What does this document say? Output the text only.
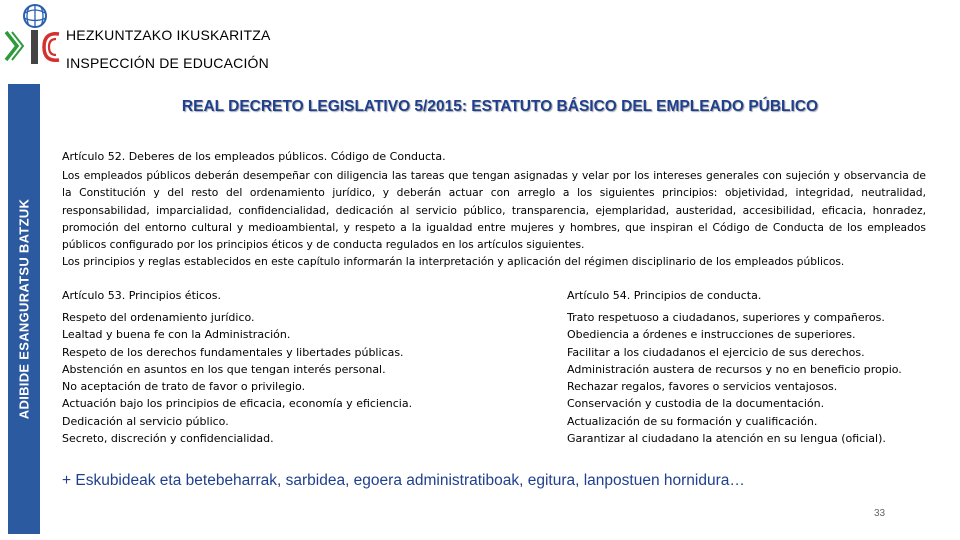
HEZKUNTZAKO IKUSKARITZA
INSPECCIÓN DE EDUCACIÓN
ADIBIDE ESANGURATSU BATZUK
REAL DECRETO LEGISLATIVO 5/2015: ESTATUTO BÁSICO DEL EMPLEADO PÚBLICO
Artículo 52. Deberes de los empleados públicos. Código de Conducta.

Los empleados públicos deberán desempeñar con diligencia las tareas que tengan asignadas y velar por los intereses generales con sujeción y observancia de la Constitución y del resto del ordenamiento jurídico, y deberán actuar con arreglo a los siguientes principios: objetividad, integridad, neutralidad, responsabilidad, imparcialidad, confidencialidad, dedicación al servicio público, transparencia, ejemplaridad, austeridad, accesibilidad, eficacia, honradez, promoción del entorno cultural y medioambiental, y respeto a la igualdad entre mujeres y hombres, que inspiran el Código de Conducta de los empleados públicos configurado por los principios éticos y de conducta regulados en los artículos siguientes.

Los principios y reglas establecidos en este capítulo informarán la interpretación y aplicación del régimen disciplinario de los empleados públicos.

Artículo 53. Principios éticos.
Respeto del ordenamiento jurídico.
Lealtad y buena fe con la Administración.
Respeto de los derechos fundamentales y libertades públicas.
Abstención en asuntos en los que tengan interés personal.
No aceptación de trato de favor o privilegio.
Actuación bajo los principios de eficacia, economía y eficiencia.
Dedicación al servicio público.
Secreto, discreción y confidencialidad.
Artículo 54. Principios de conducta.
Trato respetuoso a ciudadanos, superiores y compañeros.
Obediencia a órdenes e instrucciones de superiores.
Facilitar a los ciudadanos el ejercicio de sus derechos.
Administración austera de recursos y no en beneficio propio.
Rechazar regalos, favores o servicios ventajosos.
Conservación y custodia de la documentación.
Actualización de su formación y cualificación.
Garantizar al ciudadano la atención en su lengua (oficial).
+ Eskubideak eta betebeharrak, sarbidea, egoera administratiboak, egitura, lanpostuen hornidura…
33
